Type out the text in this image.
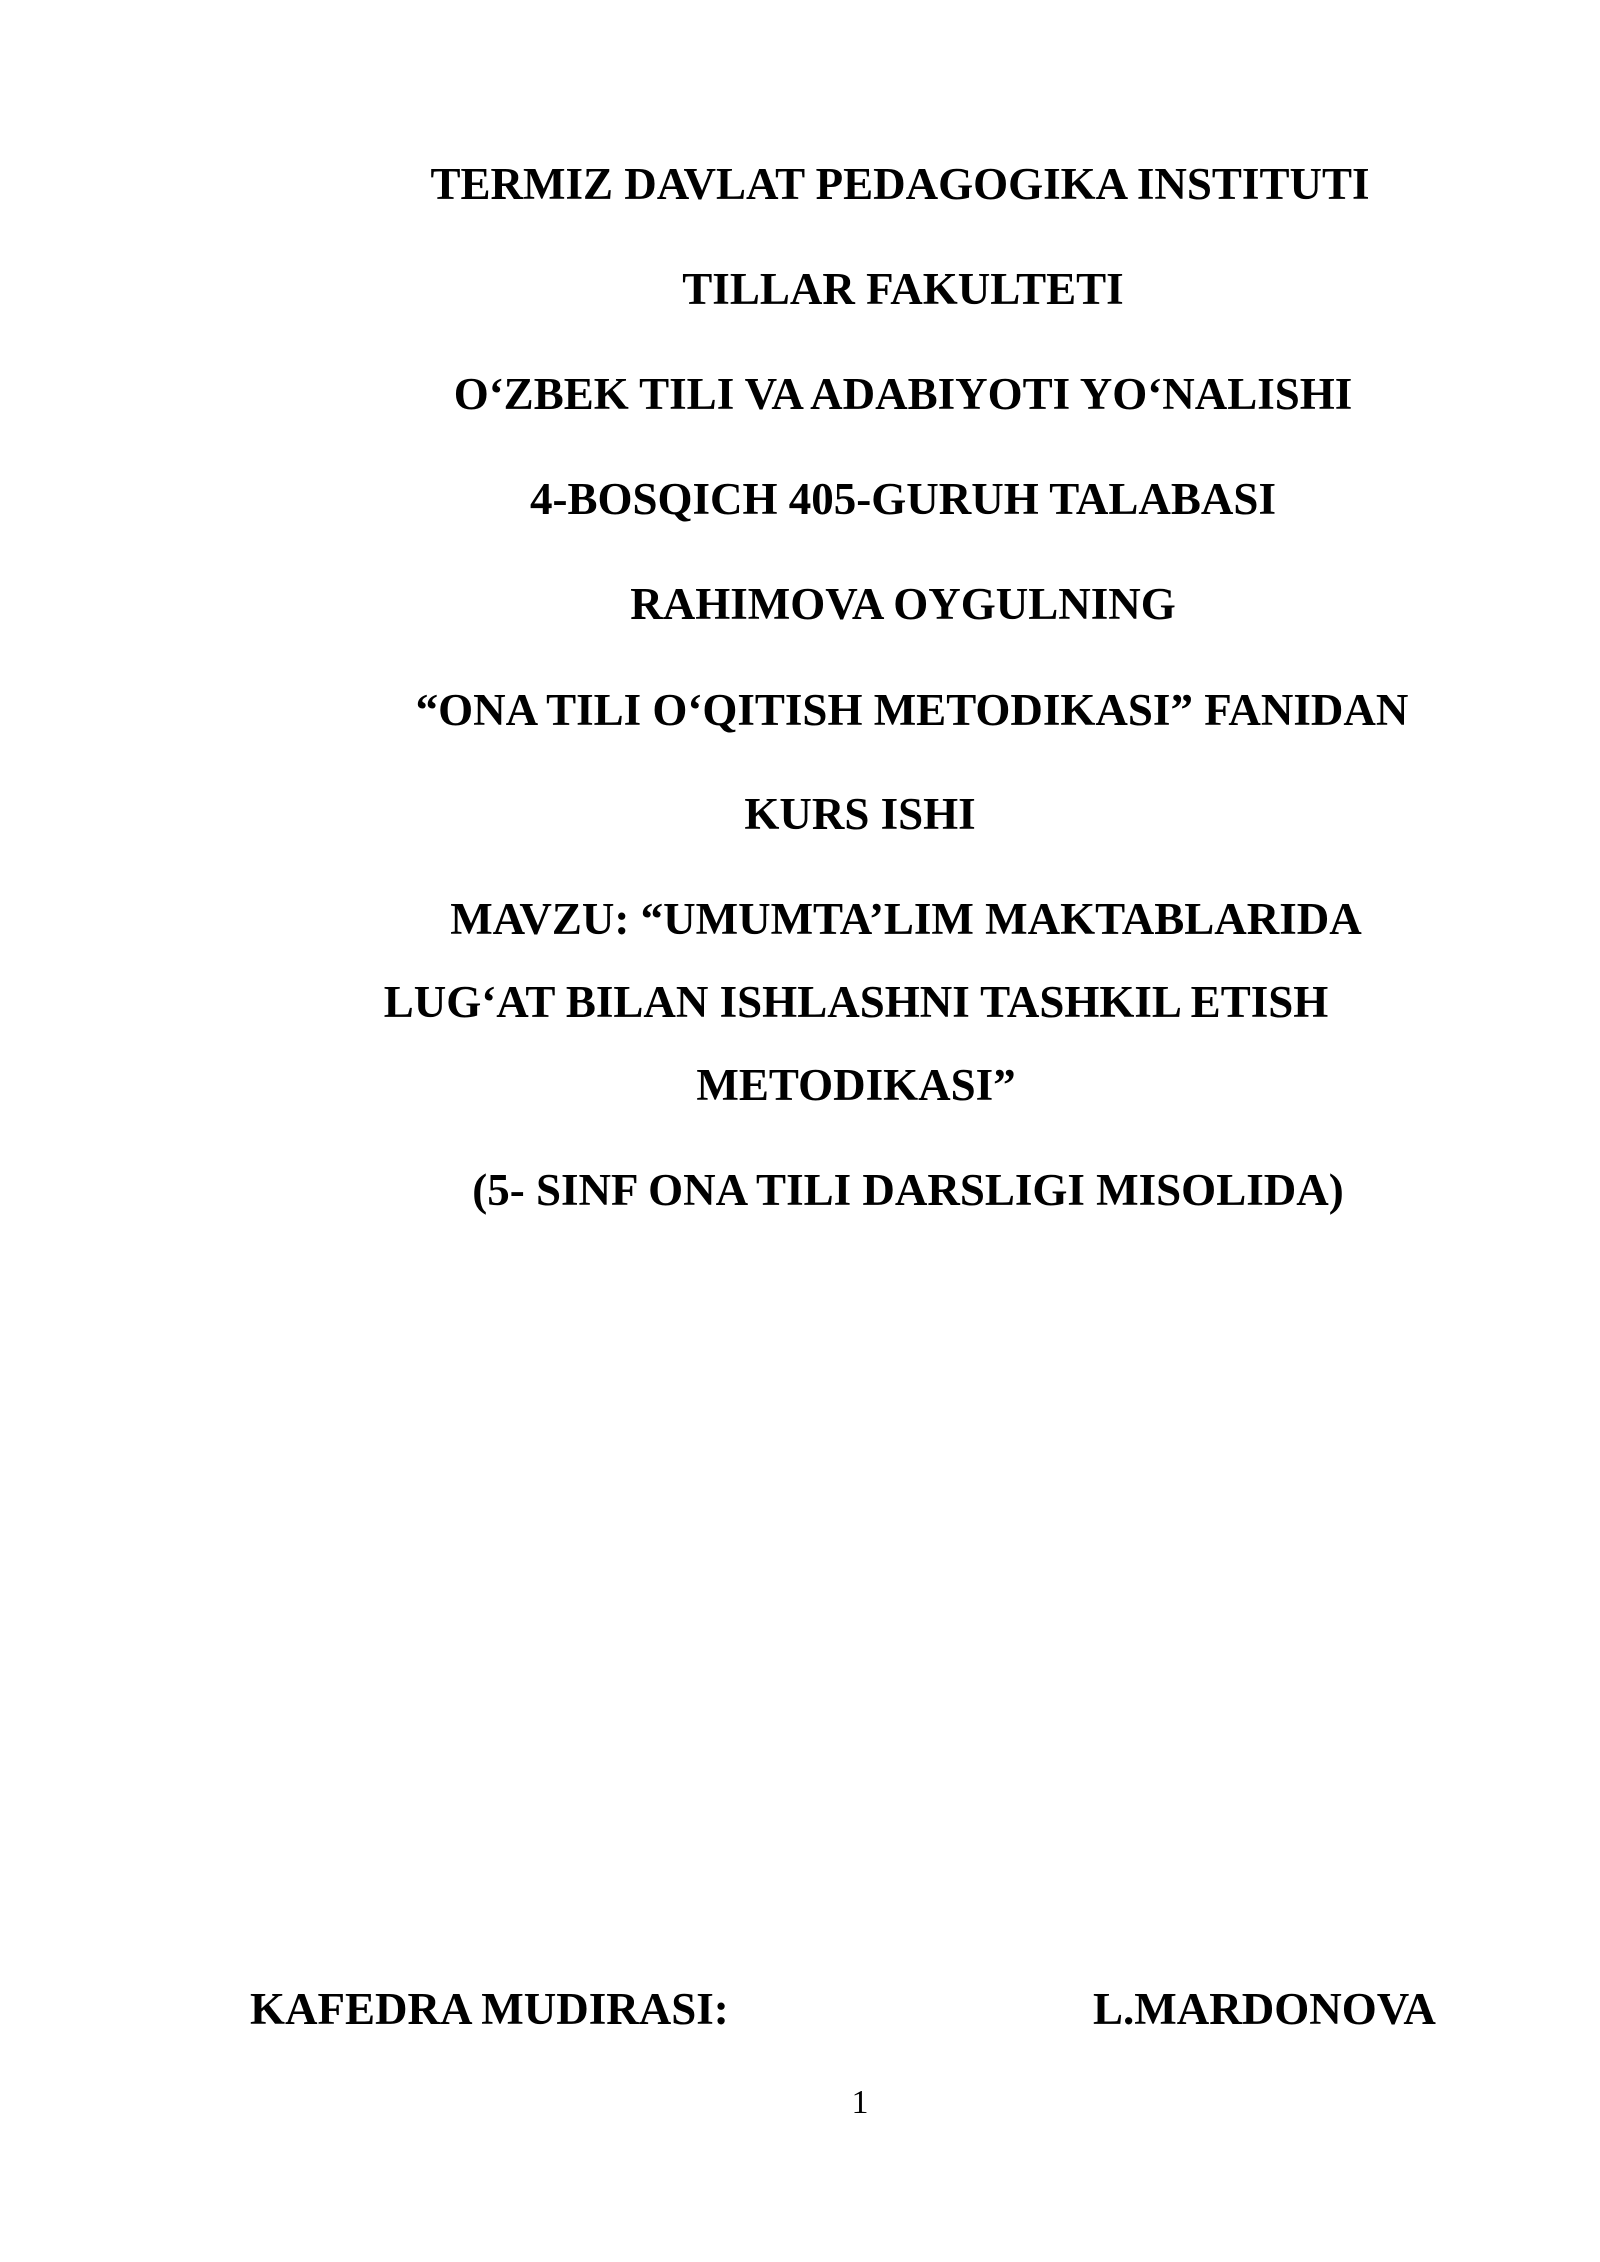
TERMIZ DAVLAT PEDAGOGIKA INSTITUTI
TILLAR FAKULTETI
O‘ZBEK TILI VA ADABIYOTI YO‘NALISHI
4-BOSQICH 405-GURUH TALABASI
RAHIMOVA OYGULNING
“ONA TILI O‘QITISH METODIKASI” FANIDAN
KURS ISHI
MAVZU: “UMUMTA’LIM MAKTABLARIDA
LUG‘AT BILAN ISHLASHNI TASHKIL ETISH
METODIKASI”
(5- SINF ONA TILI DARSLIGI MISOLIDA)
KAFEDRA MUDIRASI:	L.MARDONOVA
1
